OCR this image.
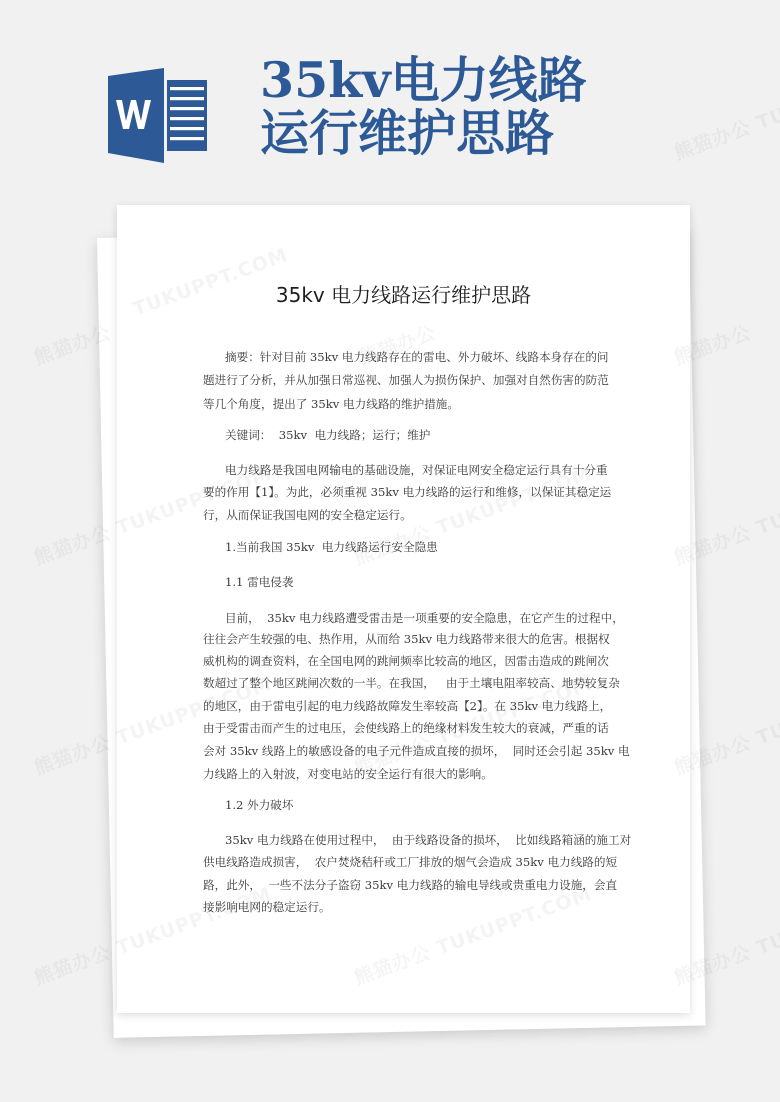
35kv电力线路
运行维护思路
35kv 电力线路运行维护思路
摘要：针对目前 35kv 电力线路存在的雷电、外力破坏、线路本身存在的问
题进行了分析，并从加强日常巡视、加强人为损伤保护、加强对自然伤害的防范
等几个角度，提出了 35kv 电力线路的维护措施。
关键词：  35kv  电力线路；运行；维护
电力线路是我国电网输电的基础设施，对保证电网安全稳定运行具有十分重
要的作用【1】。为此，必须重视 35kv 电力线路的运行和维修，以保证其稳定运
行，从而保证我国电网的安全稳定运行。
1.当前我国 35kv  电力线路运行安全隐患
1.1 雷电侵袭
目前，  35kv 电力线路遭受雷击是一项重要的安全隐患，在它产生的过程中，
往往会产生较强的电、热作用，从而给 35kv 电力线路带来很大的危害。根据权
威机构的调查资料，在全国电网的跳闸频率比较高的地区，因雷击造成的跳闸次
数超过了整个地区跳闸次数的一半。在我国，   由于土壤电阻率较高、地势较复杂
的地区，由于雷电引起的电力线路故障发生率较高【2】。在 35kv 电力线路上，
由于受雷击而产生的过电压，会使线路上的绝缘材料发生较大的衰减，严重的话
会对 35kv 线路上的敏感设备的电子元件造成直接的损坏，  同时还会引起 35kv 电
力线路上的入射波，对变电站的安全运行有很大的影响。
1.2 外力破坏
35kv 电力线路在使用过程中，  由于线路设备的损坏，  比如线路箱涵的施工对
供电线路造成损害，  农户焚烧秸秆或工厂排放的烟气会造成 35kv 电力线路的短
路，此外，  一些不法分子盗窃 35kv 电力线路的输电导线或贵重电力设施，会直
接影响电网的稳定运行。
